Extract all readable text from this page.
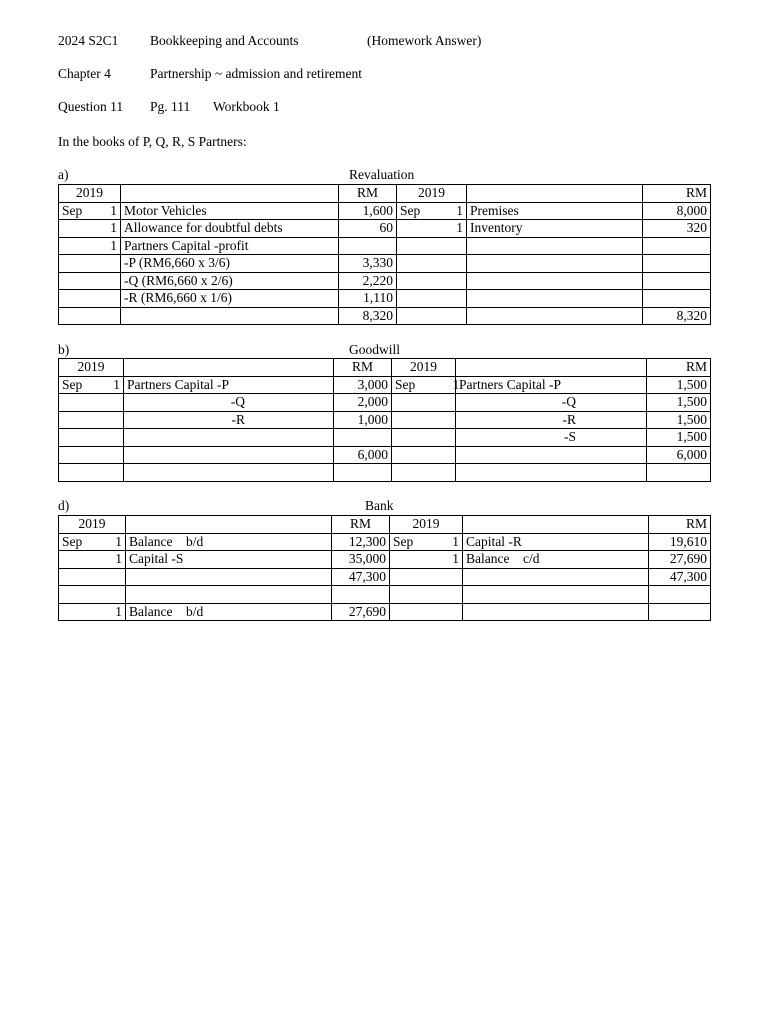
2024 S2C1

Bookkeeping and Accounts

	(Homework Answer)

Chapter 4

	Partnership ~ admission and retirement

Question 11

Pg. 111

Workbook 1

In the books of P, Q, R, S Partners:
a)	Revaluation
2019		RM	2019			RM

Sep 1	Motor Vehicles	1,600	Sep	1	Premises	8,000

1	Allowance for doubtful debts	60		1	Inventory	320

1	Partners Capital -profit					

	-P (RM6,660 x 3/6)	3,330				

	-Q (RM6,660 x 2/6)	2,220				

	-R (RM6,660 x 1/6)	1,110				

		8,320				8,320
b)	Goodwill
2019		RM	2019			RM

Sep 1	Partners Capital -P	3,000	Sep	1	Partners Capital -P	1,500

	-Q	2,000			-Q	1,500

	-R	1,000			-R	1,500

					-S	1,500

		6,000				6,000

d)	Bank
2019		RM	2019			RM

Sep 1	Balance    b/d	12,300	Sep	1	Capital -R	19,610

1	Capital -S	35,000		1	Balance    c/d	27,690

		47,300				47,300

1	Balance    b/d	27,690				
